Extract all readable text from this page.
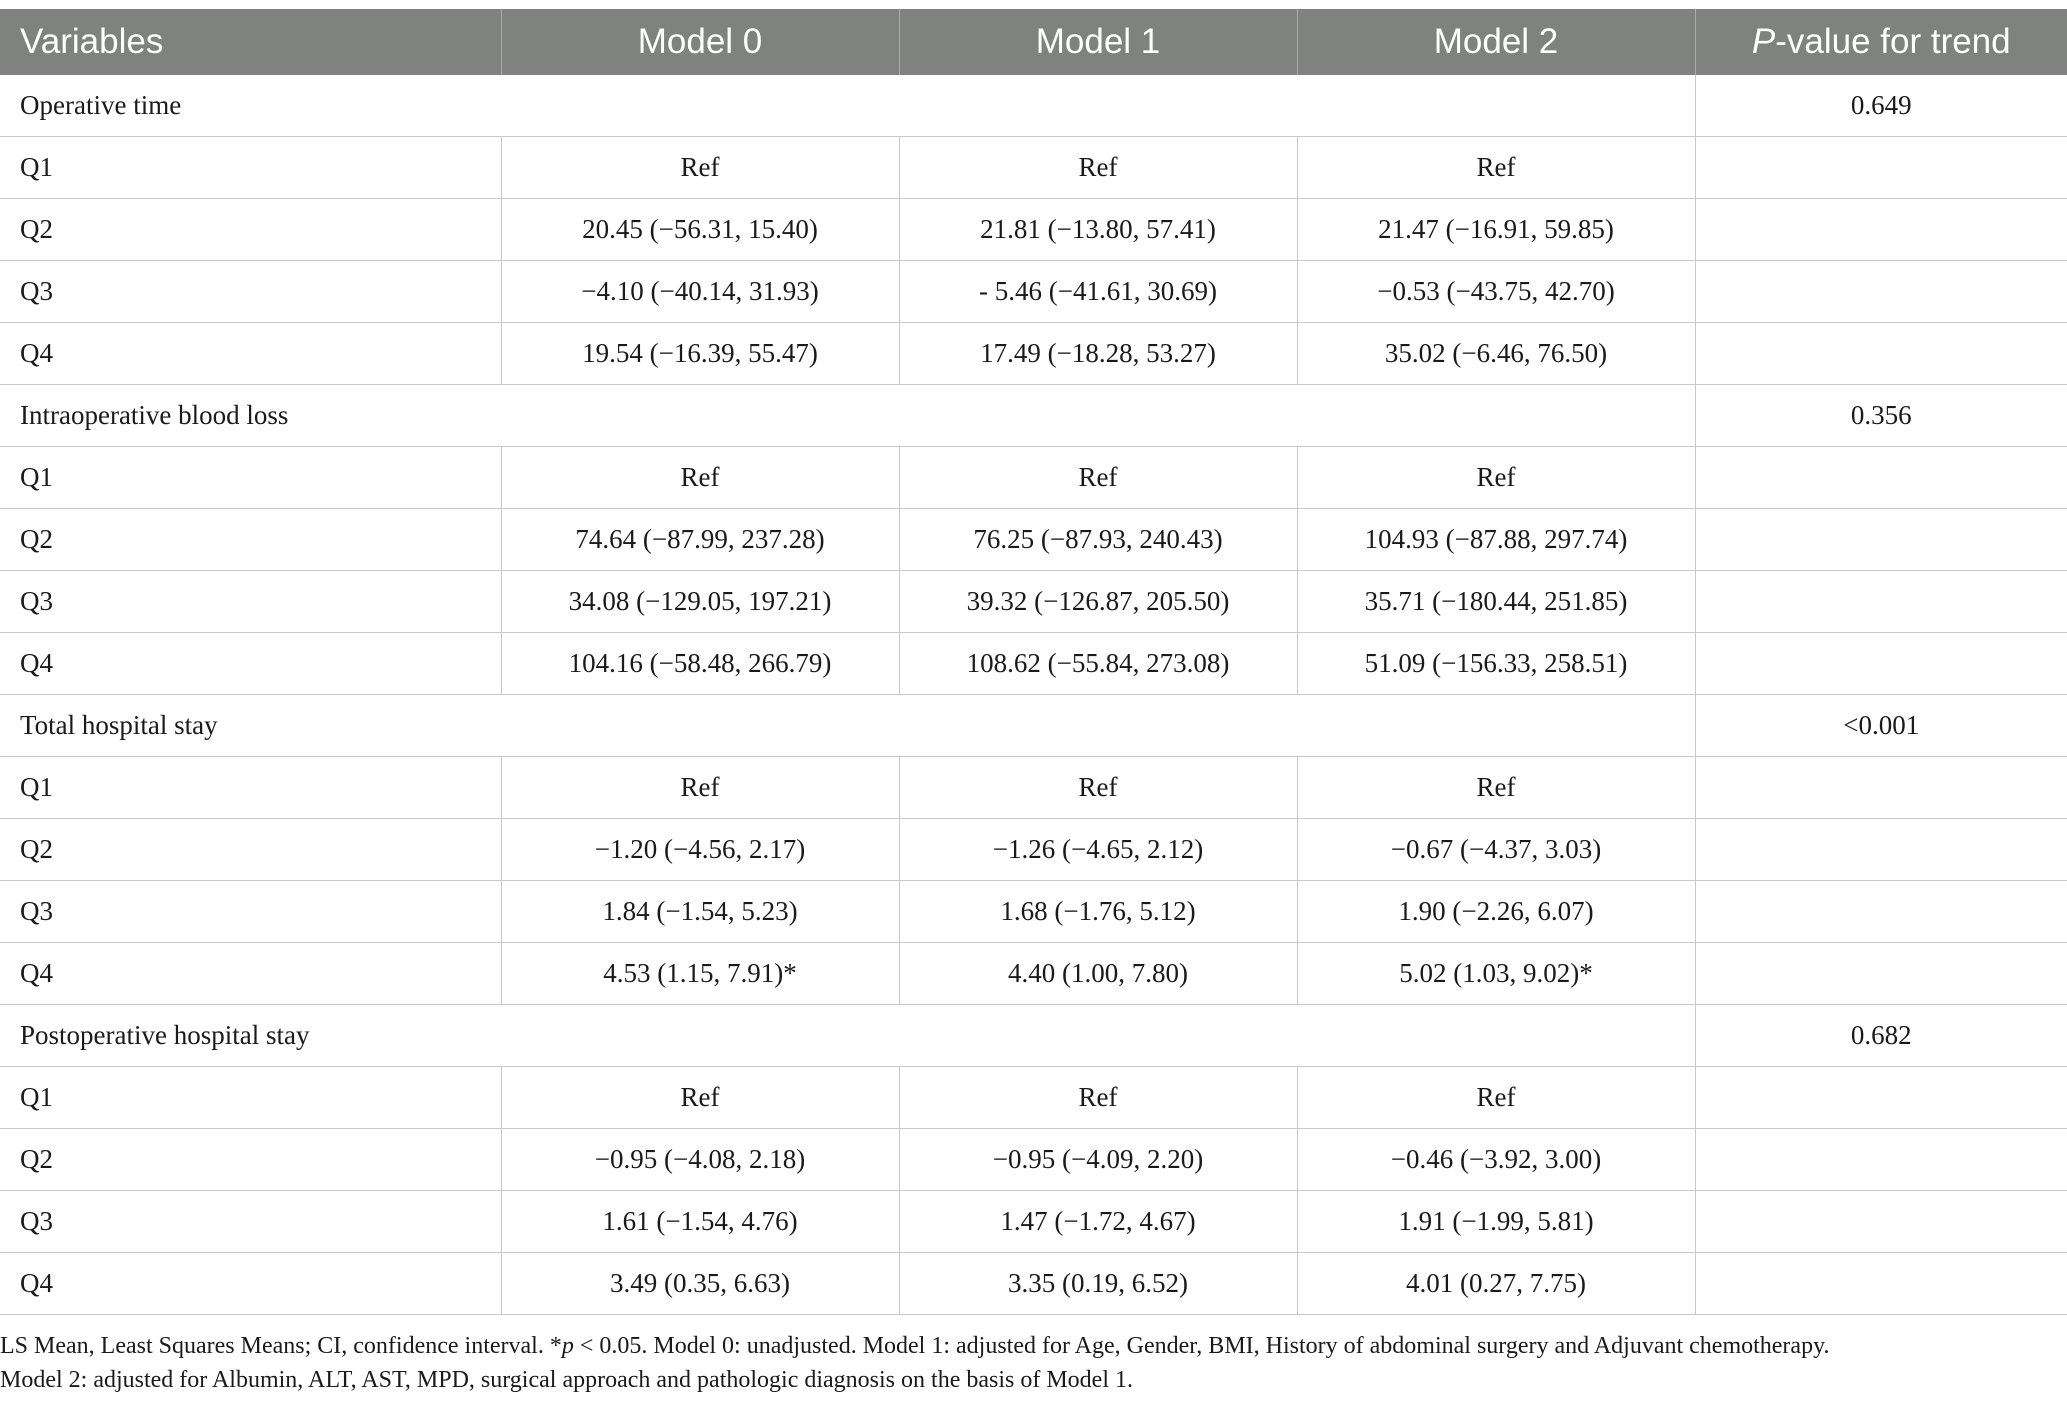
Variables	Model 0	Model 1	Model 2	P-value for trend
Operative time				0.649
Q1	Ref	Ref	Ref	
Q2	20.45 (−56.31, 15.40)	21.81 (−13.80, 57.41)	21.47 (−16.91, 59.85)	
Q3	−4.10 (−40.14, 31.93)	- 5.46 (−41.61, 30.69)	−0.53 (−43.75, 42.70)	
Q4	19.54 (−16.39, 55.47)	17.49 (−18.28, 53.27)	35.02 (−6.46, 76.50)	
Intraoperative blood loss				0.356
Q1	Ref	Ref	Ref	
Q2	74.64 (−87.99, 237.28)	76.25 (−87.93, 240.43)	104.93 (−87.88, 297.74)	
Q3	34.08 (−129.05, 197.21)	39.32 (−126.87, 205.50)	35.71 (−180.44, 251.85)	
Q4	104.16 (−58.48, 266.79)	108.62 (−55.84, 273.08)	51.09 (−156.33, 258.51)	
Total hospital stay				<0.001
Q1	Ref	Ref	Ref	
Q2	−1.20 (−4.56, 2.17)	−1.26 (−4.65, 2.12)	−0.67 (−4.37, 3.03)	
Q3	1.84 (−1.54, 5.23)	1.68 (−1.76, 5.12)	1.90 (−2.26, 6.07)	
Q4	4.53 (1.15, 7.91)*	4.40 (1.00, 7.80)	5.02 (1.03, 9.02)*	
Postoperative hospital stay				0.682
Q1	Ref	Ref	Ref	
Q2	−0.95 (−4.08, 2.18)	−0.95 (−4.09, 2.20)	−0.46 (−3.92, 3.00)	
Q3	1.61 (−1.54, 4.76)	1.47 (−1.72, 4.67)	1.91 (−1.99, 5.81)	
Q4	3.49 (0.35, 6.63)	3.35 (0.19, 6.52)	4.01 (0.27, 7.75)	

LS Mean, Least Squares Means; CI, confidence interval. *p < 0.05. Model 0: unadjusted. Model 1: adjusted for Age, Gender, BMI, History of abdominal surgery and Adjuvant chemotherapy.

Model 2: adjusted for Albumin, ALT, AST, MPD, surgical approach and pathologic diagnosis on the basis of Model 1.
